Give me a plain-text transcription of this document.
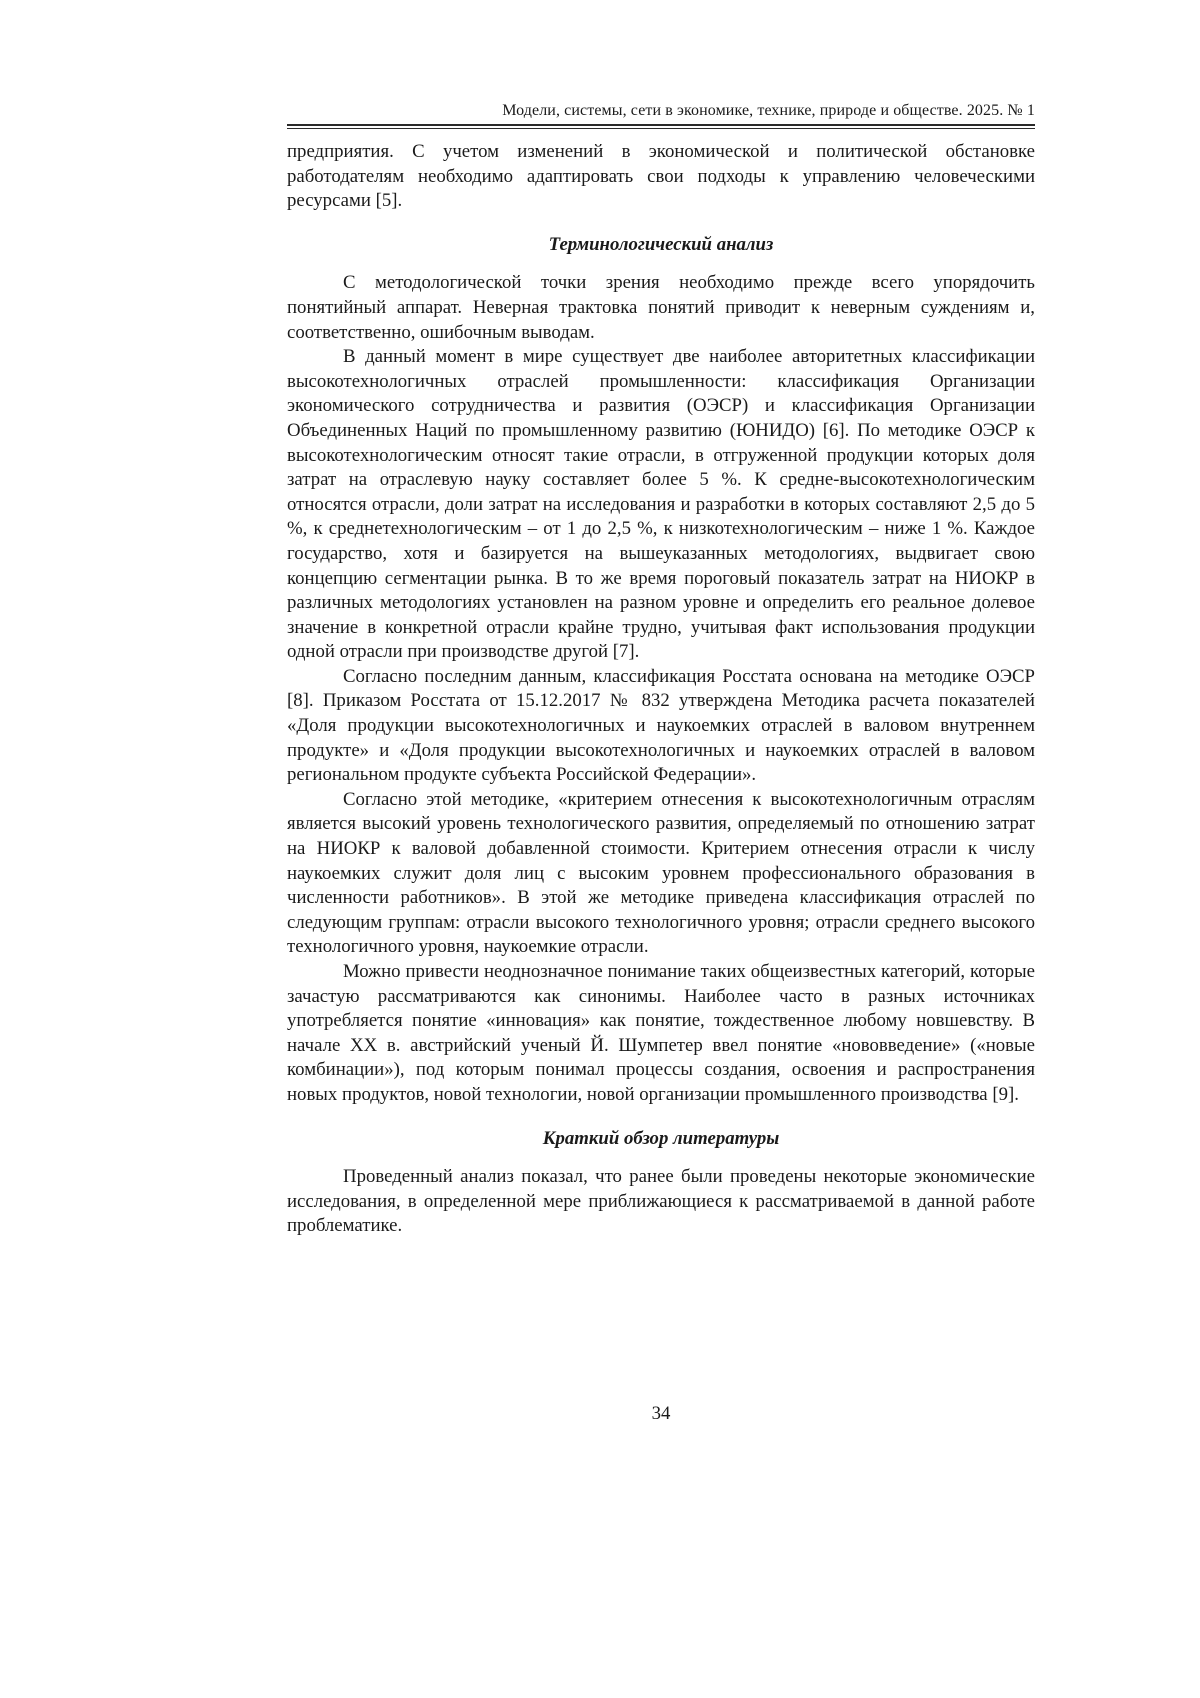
Модели, системы, сети в экономике, технике, природе и обществе. 2025. № 1

предприятия. С учетом изменений в экономической и политической обстановке работодателям необходимо адаптировать свои подходы к управлению человеческими ресурсами [5].

Терминологический анализ

С методологической точки зрения необходимо прежде всего упорядочить понятийный аппарат. Неверная трактовка понятий приводит к неверным суждениям и, соответственно, ошибочным выводам.

В данный момент в мире существует две наиболее авторитетных классификации высокотехнологичных отраслей промышленности: классификация Организации экономического сотрудничества и развития (ОЭСР) и классификация Организации Объединенных Наций по промышленному развитию (ЮНИДО) [6]. По методике ОЭСР к высокотехнологическим относят такие отрасли, в отгруженной продукции которых доля затрат на отраслевую науку составляет более 5 %. К средне-высокотехнологическим относятся отрасли, доли затрат на исследования и разработки в которых составляют 2,5 до 5 %, к среднетехнологическим – от 1 до 2,5 %, к низкотехнологическим – ниже 1 %. Каждое государство, хотя и базируется на вышеуказанных методологиях, выдвигает свою концепцию сегментации рынка. В то же время пороговый показатель затрат на НИОКР в различных методологиях установлен на разном уровне и определить его реальное долевое значение в конкретной отрасли крайне трудно, учитывая факт использования продукции одной отрасли при производстве другой [7].

Согласно последним данным, классификация Росстата основана на методике ОЭСР [8]. Приказом Росстата от 15.12.2017 № 832 утверждена Методика расчета показателей «Доля продукции высокотехнологичных и наукоемких отраслей в валовом внутреннем продукте» и «Доля продукции высокотехнологичных и наукоемких отраслей в валовом региональном продукте субъекта Российской Федерации».

Согласно этой методике, «критерием отнесения к высокотехнологичным отраслям является высокий уровень технологического развития, определяемый по отношению затрат на НИОКР к валовой добавленной стоимости. Критерием отнесения отрасли к числу наукоемких служит доля лиц с высоким уровнем профессионального образования в численности работников». В этой же методике приведена классификация отраслей по следующим группам: отрасли высокого технологичного уровня; отрасли среднего высокого технологичного уровня, наукоемкие отрасли.

Можно привести неоднозначное понимание таких общеизвестных категорий, которые зачастую рассматриваются как синонимы. Наиболее часто в разных источниках употребляется понятие «инновация» как понятие, тождественное любому новшевству. В начале XX в. австрийский ученый Й. Шумпетер ввел понятие «нововведение» («новые комбинации»), под которым понимал процессы создания, освоения и распространения новых продуктов, новой технологии, новой организации промышленного производства [9].

Краткий обзор литературы

Проведенный анализ показал, что ранее были проведены некоторые экономические исследования, в определенной мере приближающиеся к рассматриваемой в данной работе проблематике.

34
